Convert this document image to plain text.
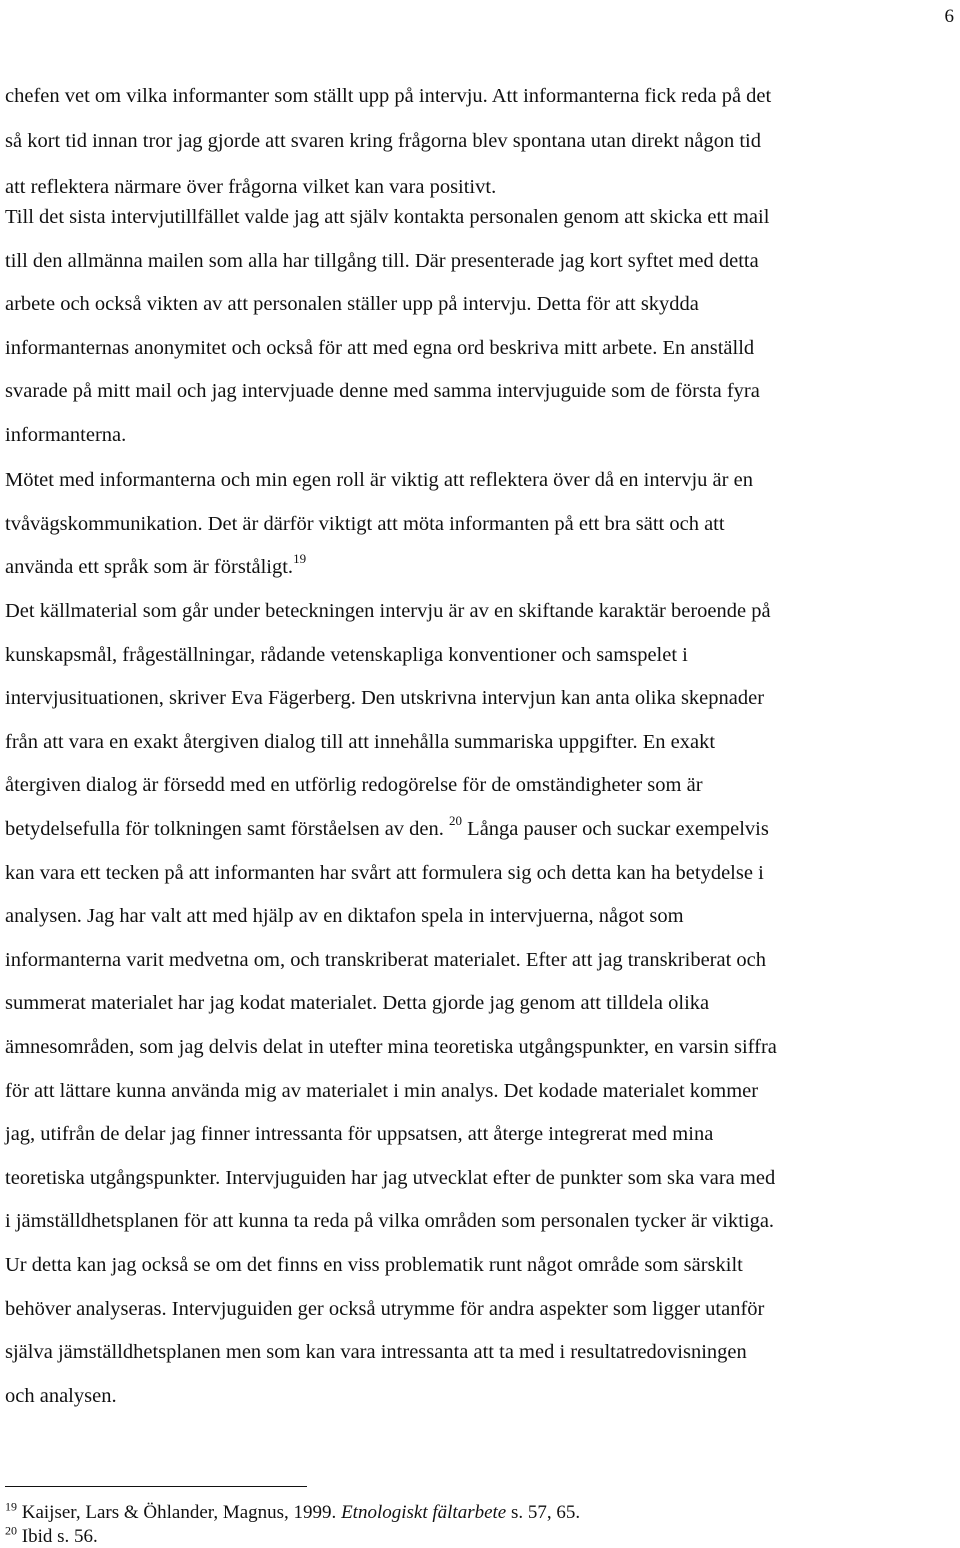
6
chefen vet om vilka informanter som ställt upp på intervju. Att informanterna fick reda på det
så kort tid innan tror jag gjorde att svaren kring frågorna blev spontana utan direkt någon tid
att reflektera närmare över frågorna vilket kan vara positivt.
Till det sista intervjutillfället valde jag att själv kontakta personalen genom att skicka ett mail
till den allmänna mailen som alla har tillgång till. Där presenterade jag kort syftet med detta
arbete och också vikten av att personalen ställer upp på intervju. Detta för att skydda
informanternas anonymitet och också för att med egna ord beskriva mitt arbete. En anställd
svarade på mitt mail och jag intervjuade denne med samma intervjuguide som de första fyra
informanterna.
Mötet med informanterna och min egen roll är viktig att reflektera över då en intervju är en
tvåvägskommunikation. Det är därför viktigt att möta informanten på ett bra sätt och att
använda ett språk som är förståligt.$^{19}$
Det källmaterial som går under beteckningen intervju är av en skiftande karaktär beroende på
kunskapsmål, frågeställningar, rådande vetenskapliga konventioner och samspelet i
intervjusituationen, skriver Eva Fägerberg. Den utskrivna intervjun kan anta olika skepnader
från att vara en exakt återgiven dialog till att innehålla summariska uppgifter. En exakt
återgiven dialog är försedd med en utförlig redogörelse för de omständigheter som är
betydelsefulla för tolkningen samt förståelsen av den. $^{20}$ Långa pauser och suckar exempelvis
kan vara ett tecken på att informanten har svårt att formulera sig och detta kan ha betydelse i
analysen. Jag har valt att med hjälp av en diktafon spela in intervjuerna, något som
informanterna varit medvetna om, och transkriberat materialet. Efter att jag transkriberat och
summerat materialet har jag kodat materialet. Detta gjorde jag genom att tilldela olika
ämnesområden, som jag delvis delat in utefter mina teoretiska utgångspunkter, en varsin siffra
för att lättare kunna använda mig av materialet i min analys. Det kodade materialet kommer
jag, utifrån de delar jag finner intressanta för uppsatsen, att återge integrerat med mina
teoretiska utgångspunkter. Intervjuguiden har jag utvecklat efter de punkter som ska vara med
i jämställdhetsplanen för att kunna ta reda på vilka områden som personalen tycker är viktiga.
Ur detta kan jag också se om det finns en viss problematik runt något område som särskilt
behöver analyseras. Intervjuguiden ger också utrymme för andra aspekter som ligger utanför
själva jämställdhetsplanen men som kan vara intressanta att ta med i resultatredovisningen
och analysen.
$^{19}$ Kaijser, Lars & Öhlander, Magnus, 1999. Etnologiskt fältarbete s. 57, 65.
$^{20}$ Ibid s. 56.
